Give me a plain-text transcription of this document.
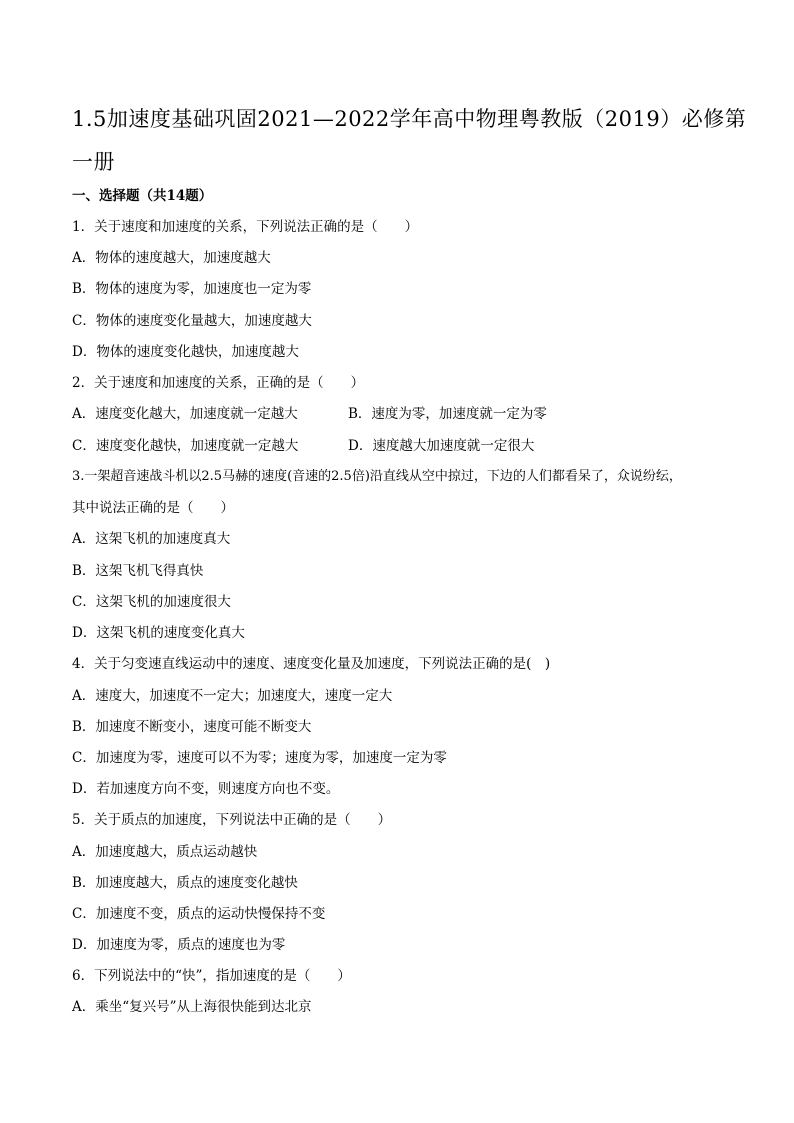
1.5加速度基础巩固2021—2022学年高中物理粤教版（2019）必修第
一册
一、选择题（共14题）
1．关于速度和加速度的关系，下列说法正确的是（　　）
A．物体的速度越大，加速度越大
B．物体的速度为零，加速度也一定为零
C．物体的速度变化量越大，加速度越大
D．物体的速度变化越快，加速度越大
2．关于速度和加速度的关系，正确的是（　　）
A．速度变化越大，加速度就一定越大	B．速度为零，加速度就一定为零
C．速度变化越快，加速度就一定越大	D．速度越大加速度就一定很大
3.一架超音速战斗机以2.5马赫的速度(音速的2.5倍)沿直线从空中掠过，下边的人们都看呆了，众说纷纭，
其中说法正确的是（　　）
A．这架飞机的加速度真大
B．这架飞机飞得真快
C．这架飞机的加速度很大
D．这架飞机的速度变化真大
4．关于匀变速直线运动中的速度、速度变化量及加速度，下列说法正确的是(　)
A．速度大，加速度不一定大；加速度大，速度一定大
B．加速度不断变小，速度可能不断变大
C．加速度为零，速度可以不为零；速度为零，加速度一定为零
D．若加速度方向不变，则速度方向也不变。
5．关于质点的加速度，下列说法中正确的是（　　）
A．加速度越大，质点运动越快
B．加速度越大，质点的速度变化越快
C．加速度不变，质点的运动快慢保持不变
D．加速度为零，质点的速度也为零
6．下列说法中的“快”，指加速度的是（　　）
A．乘坐“复兴号”从上海很快能到达北京
